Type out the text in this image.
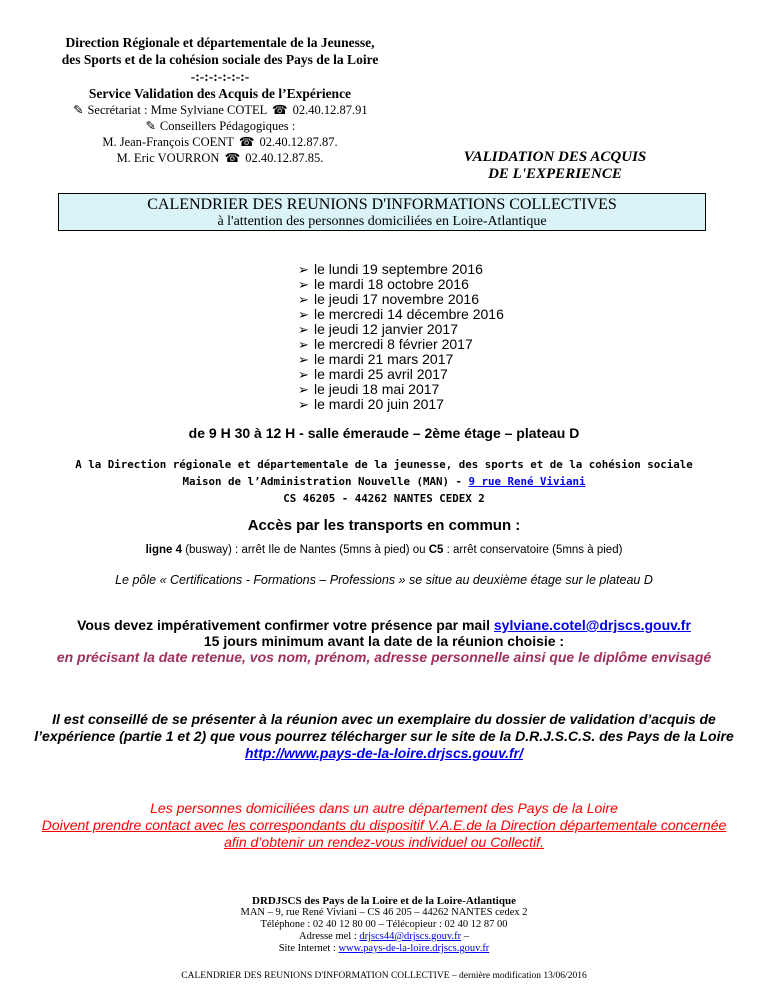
Direction Régionale et départementale de la Jeunesse,
des Sports et de la cohésion sociale des Pays de la Loire
-:-:-:-:-:-:-
Service Validation des Acquis de l’Expérience
✎ Secrétariat : Mme Sylviane COTEL ☎ 02.40.12.87.91
✎ Conseillers Pédagogiques :
M. Jean-François COENT ☎ 02.40.12.87.87.
M. Eric VOURRON ☎ 02.40.12.87.85.	VALIDATION DES ACQUIS
DE L'EXPERIENCE
CALENDRIER DES REUNIONS D'INFORMATIONS COLLECTIVES
à l'attention des personnes domiciliées en Loire-Atlantique
➢ le lundi 19 septembre 2016
➢ le mardi 18 octobre 2016
➢ le jeudi 17 novembre 2016
➢ le mercredi 14 décembre 2016
➢ le jeudi 12 janvier 2017
➢ le mercredi 8 février 2017
➢ le mardi 21 mars 2017
➢ le mardi 25 avril 2017
➢ le jeudi 18 mai 2017
➢ le mardi 20 juin 2017
de 9 H 30 à 12 H - salle émeraude – 2ème étage – plateau D
A la Direction régionale et départementale de la jeunesse, des sports et de la cohésion sociale
Maison de l’Administration Nouvelle (MAN) - 9 rue René Viviani
CS 46205 - 44262 NANTES CEDEX 2
Accès par les transports en commun :
ligne 4 (busway) : arrêt Ile de Nantes (5mns à pied) ou C5 : arrêt conservatoire (5mns à pied)
Le pôle « Certifications - Formations – Professions » se situe au deuxième étage sur le plateau D
Vous devez impérativement confirmer votre présence par mail sylviane.cotel@drjscs.gouv.fr
15 jours minimum avant la date de la réunion choisie :
en précisant la date retenue, vos nom, prénom, adresse personnelle ainsi que le diplôme envisagé
Il est conseillé de se présenter à la réunion avec un exemplaire du dossier de validation d’acquis de
l’expérience (partie 1 et 2) que vous pourrez télécharger sur le site de la D.R.J.S.C.S. des Pays de la Loire
http://www.pays-de-la-loire.drjscs.gouv.fr/
Les personnes domiciliées dans un autre département des Pays de la Loire
Doivent prendre contact avec les correspondants du dispositif V.A.E.de la Direction départementale concernée
afin d’obtenir un rendez-vous individuel ou Collectif.
DRDJSCS des Pays de la Loire et de la Loire-Atlantique
MAN – 9, rue René Viviani – CS 46 205 – 44262 NANTES cedex 2
Téléphone : 02 40 12 80 00 – Télécopieur : 02 40 12 87 00
Adresse mel : drjscs44@drjscs.gouv.fr –
Site Internet : www.pays-de-la-loire.drjscs.gouv.fr
CALENDRIER DES REUNIONS D'INFORMATION COLLECTIVE – dernière modification 13/06/2016
